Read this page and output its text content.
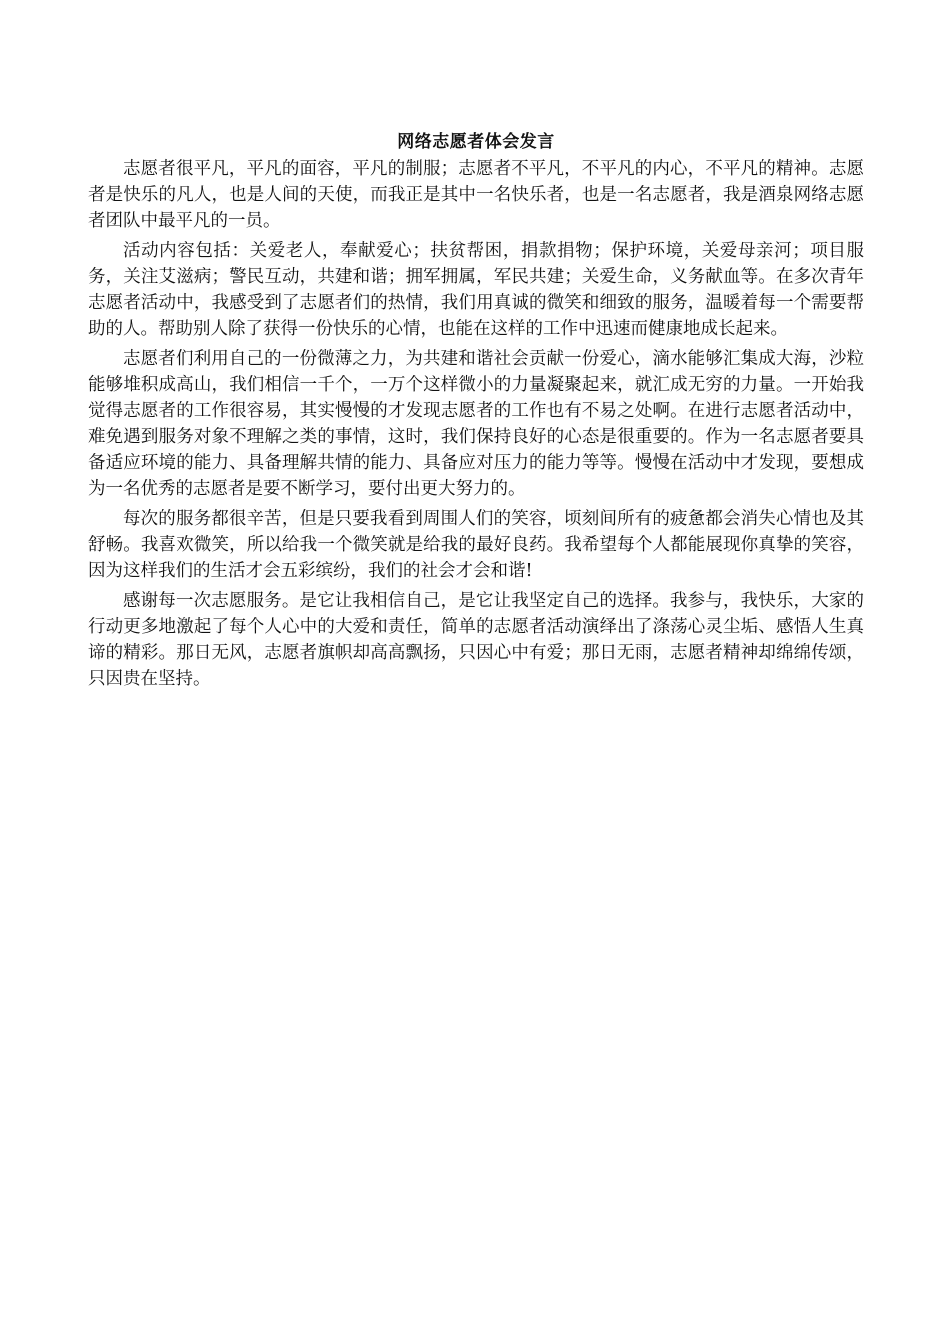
网络志愿者体会发言

志愿者很平凡，平凡的面容，平凡的制服；志愿者不平凡，不平凡的内心，不平凡的精神。志愿者是快乐的凡人，也是人间的天使，而我正是其中一名快乐者，也是一名志愿者，我是酒泉网络志愿者团队中最平凡的一员。

活动内容包括：关爱老人，奉献爱心；扶贫帮困，捐款捐物；保护环境，关爱母亲河；项目服务，关注艾滋病；警民互动，共建和谐；拥军拥属，军民共建；关爱生命，义务献血等。在多次青年志愿者活动中，我感受到了志愿者们的热情，我们用真诚的微笑和细致的服务，温暖着每一个需要帮助的人。帮助别人除了获得一份快乐的心情，也能在这样的工作中迅速而健康地成长起来。

志愿者们利用自己的一份微薄之力，为共建和谐社会贡献一份爱心，滴水能够汇集成大海，沙粒能够堆积成高山，我们相信一千个，一万个这样微小的力量凝聚起来，就汇成无穷的力量。一开始我觉得志愿者的工作很容易，其实慢慢的才发现志愿者的工作也有不易之处啊。在进行志愿者活动中，难免遇到服务对象不理解之类的事情，这时，我们保持良好的心态是很重要的。作为一名志愿者要具备适应环境的能力、具备理解共情的能力、具备应对压力的能力等等。慢慢在活动中才发现，要想成为一名优秀的志愿者是要不断学习，要付出更大努力的。

每次的服务都很辛苦，但是只要我看到周围人们的笑容，顷刻间所有的疲惫都会消失心情也及其舒畅。我喜欢微笑，所以给我一个微笑就是给我的最好良药。我希望每个人都能展现你真挚的笑容，因为这样我们的生活才会五彩缤纷，我们的社会才会和谐!

感谢每一次志愿服务。是它让我相信自己，是它让我坚定自己的选择。我参与，我快乐，大家的行动更多地激起了每个人心中的大爱和责任，简单的志愿者活动演绎出了涤荡心灵尘垢、感悟人生真谛的精彩。那日无风，志愿者旗帜却高高飘扬，只因心中有爱；那日无雨，志愿者精神却绵绵传颂，只因贵在坚持。
